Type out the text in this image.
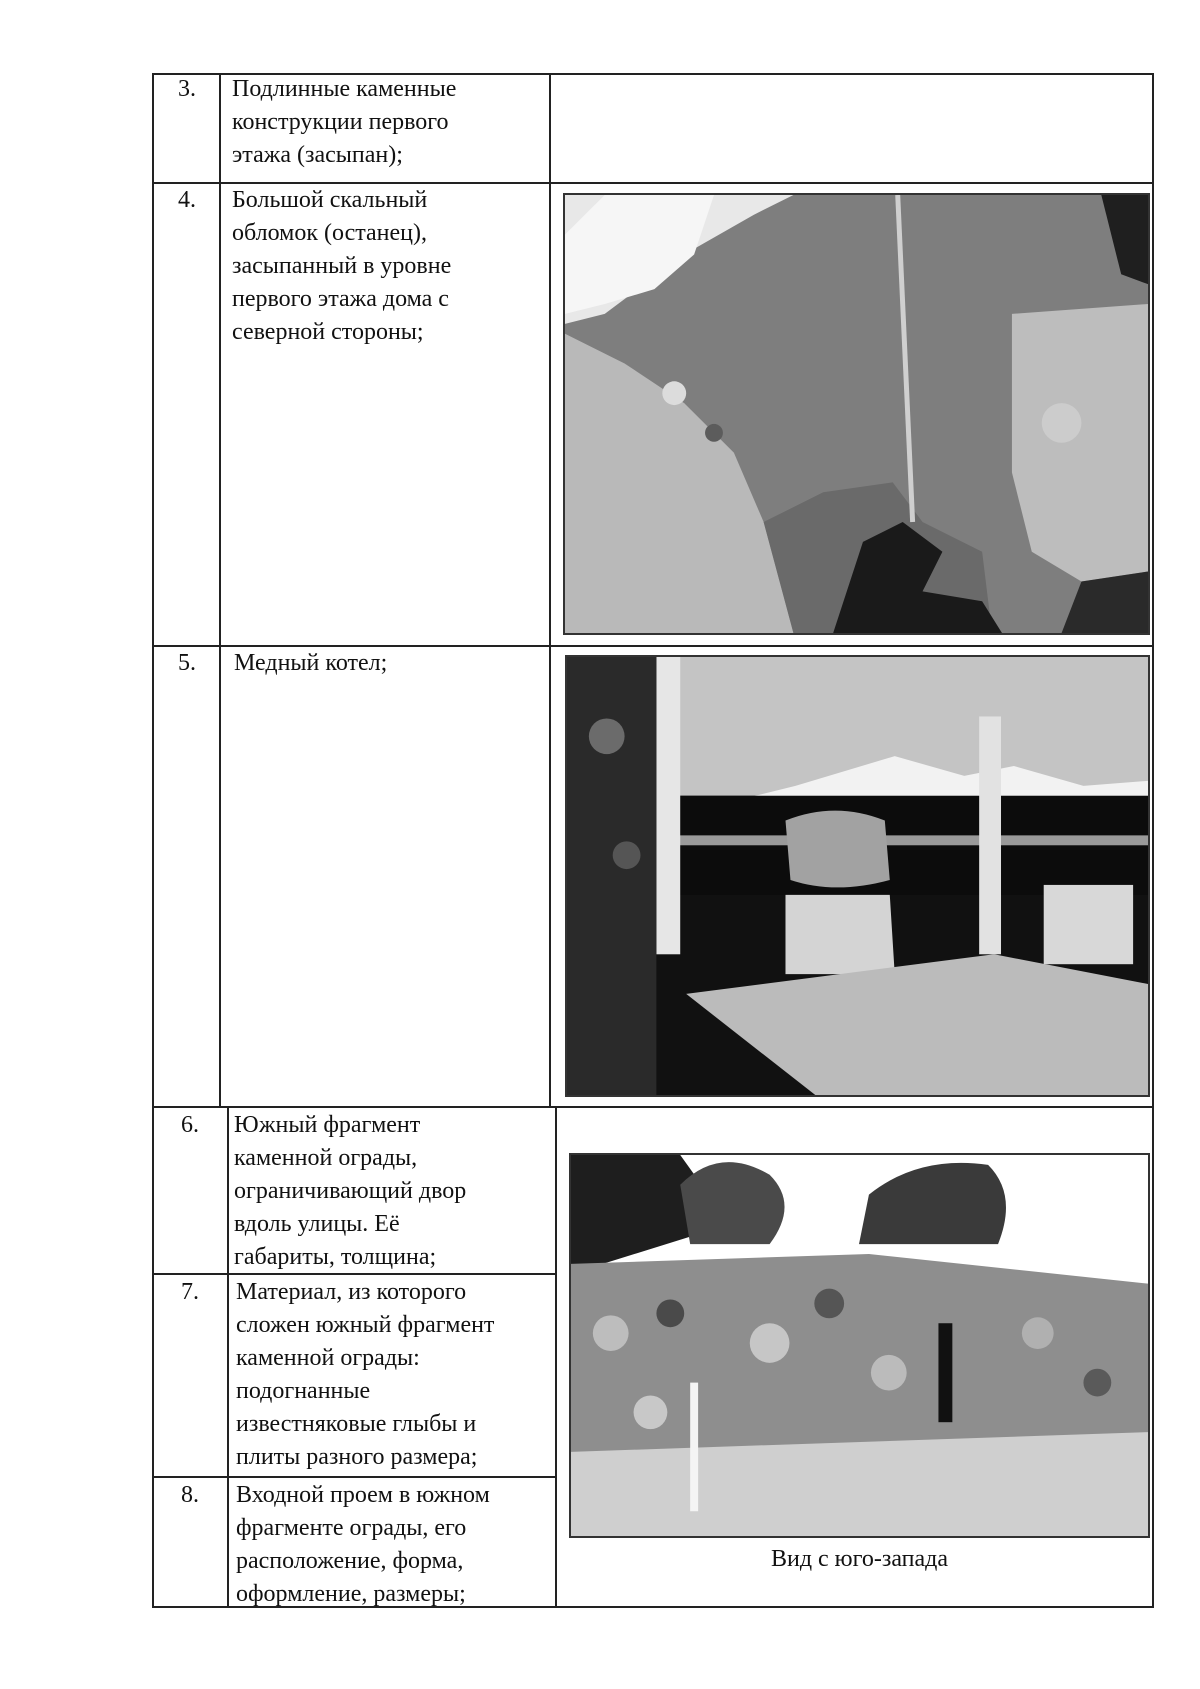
3.	Подлинные каменные
конструкции первого
этажа (засыпан);
4.	Большой скальный
обломок (останец),
засыпанный в уровне
первого этажа дома с
северной стороны;
5.	Медный котел;
6.	Южный фрагмент
каменной ограды,
ограничивающий двор
вдоль улицы. Её
габариты, толщина;
7.	Материал, из которого
сложен южный фрагмент
каменной ограды:
подогнанные
известняковые глыбы и
плиты разного размера;
8.	Входной проем в южном
фрагменте ограды, его
расположение, форма,
оформление, размеры;
Вид с юго-запада
